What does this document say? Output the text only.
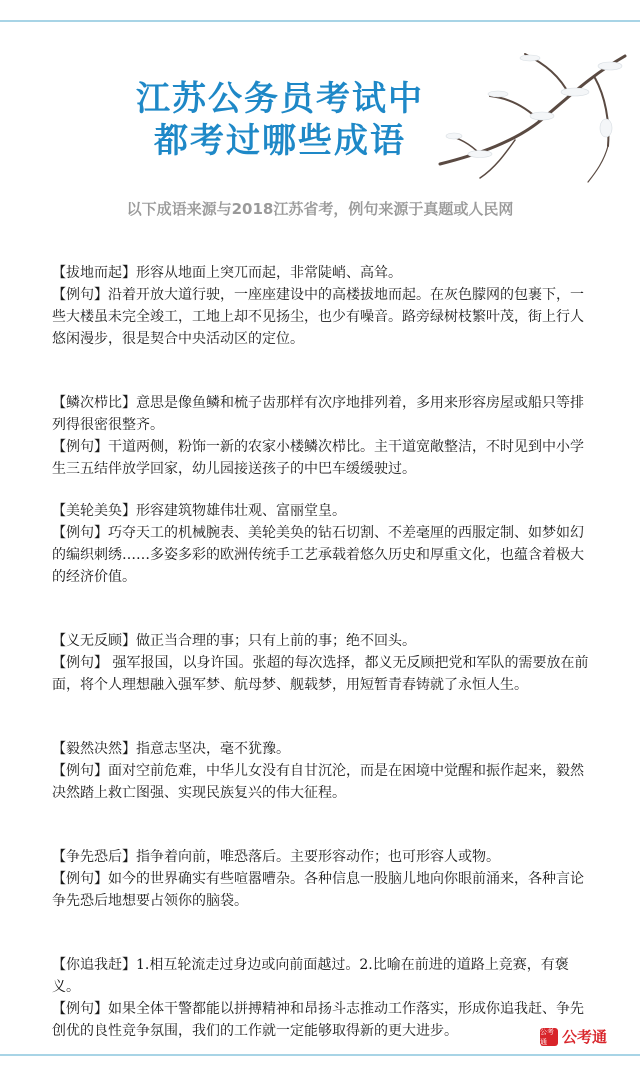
江苏公务员考试中
都考过哪些成语
以下成语来源与2018江苏省考，例句来源于真题或人民网

【拔地而起】形容从地面上突兀而起，非常陡峭、高耸。

【例句】沿着开放大道行驶，一座座建设中的高楼拔地而起。在灰色朦网的包裹下，一些大楼虽未完全竣工，工地上却不见扬尘，也少有噪音。路旁绿树枝繁叶茂，街上行人悠闲漫步，很是契合中央活动区的定位。

【鳞次栉比】意思是像鱼鳞和梳子齿那样有次序地排列着，多用来形容房屋或船只等排列得很密很整齐。

【例句】干道两侧，粉饰一新的农家小楼鳞次栉比。主干道宽敞整洁，不时见到中小学生三五结伴放学回家，幼儿园接送孩子的中巴车缓缓驶过。

【美轮美奂】形容建筑物雄伟壮观、富丽堂皇。

【例句】巧夺天工的机械腕表、美轮美奂的钻石切割、不差毫厘的西服定制、如梦如幻的编织刺绣……多姿多彩的欧洲传统手工艺承载着悠久历史和厚重文化，也蕴含着极大的经济价值。

【义无反顾】做正当合理的事；只有上前的事；绝不回头。

【例句】 强军报国，以身许国。张超的每次选择，都义无反顾把党和军队的需要放在前面，将个人理想融入强军梦、航母梦、舰载梦，用短暂青春铸就了永恒人生。

【毅然决然】指意志坚决，毫不犹豫。

【例句】面对空前危难，中华儿女没有自甘沉沦，而是在困境中觉醒和振作起来，毅然决然踏上救亡图强、实现民族复兴的伟大征程。

【争先恐后】指争着向前，唯恐落后。主要形容动作；也可形容人或物。

【例句】如今的世界确实有些喧嚣嘈杂。各种信息一股脑儿地向你眼前涌来，各种言论争先恐后地想要占领你的脑袋。

【你追我赶】1.相互轮流走过身边或向前面越过。2.比喻在前进的道路上竞赛，有褒义。

【例句】如果全体干警都能以拼搏精神和昂扬斗志推动工作落实，形成你追我赶、争先创优的良性竞争氛围，我们的工作就一定能够取得新的更大进步。	公考通	公考通
